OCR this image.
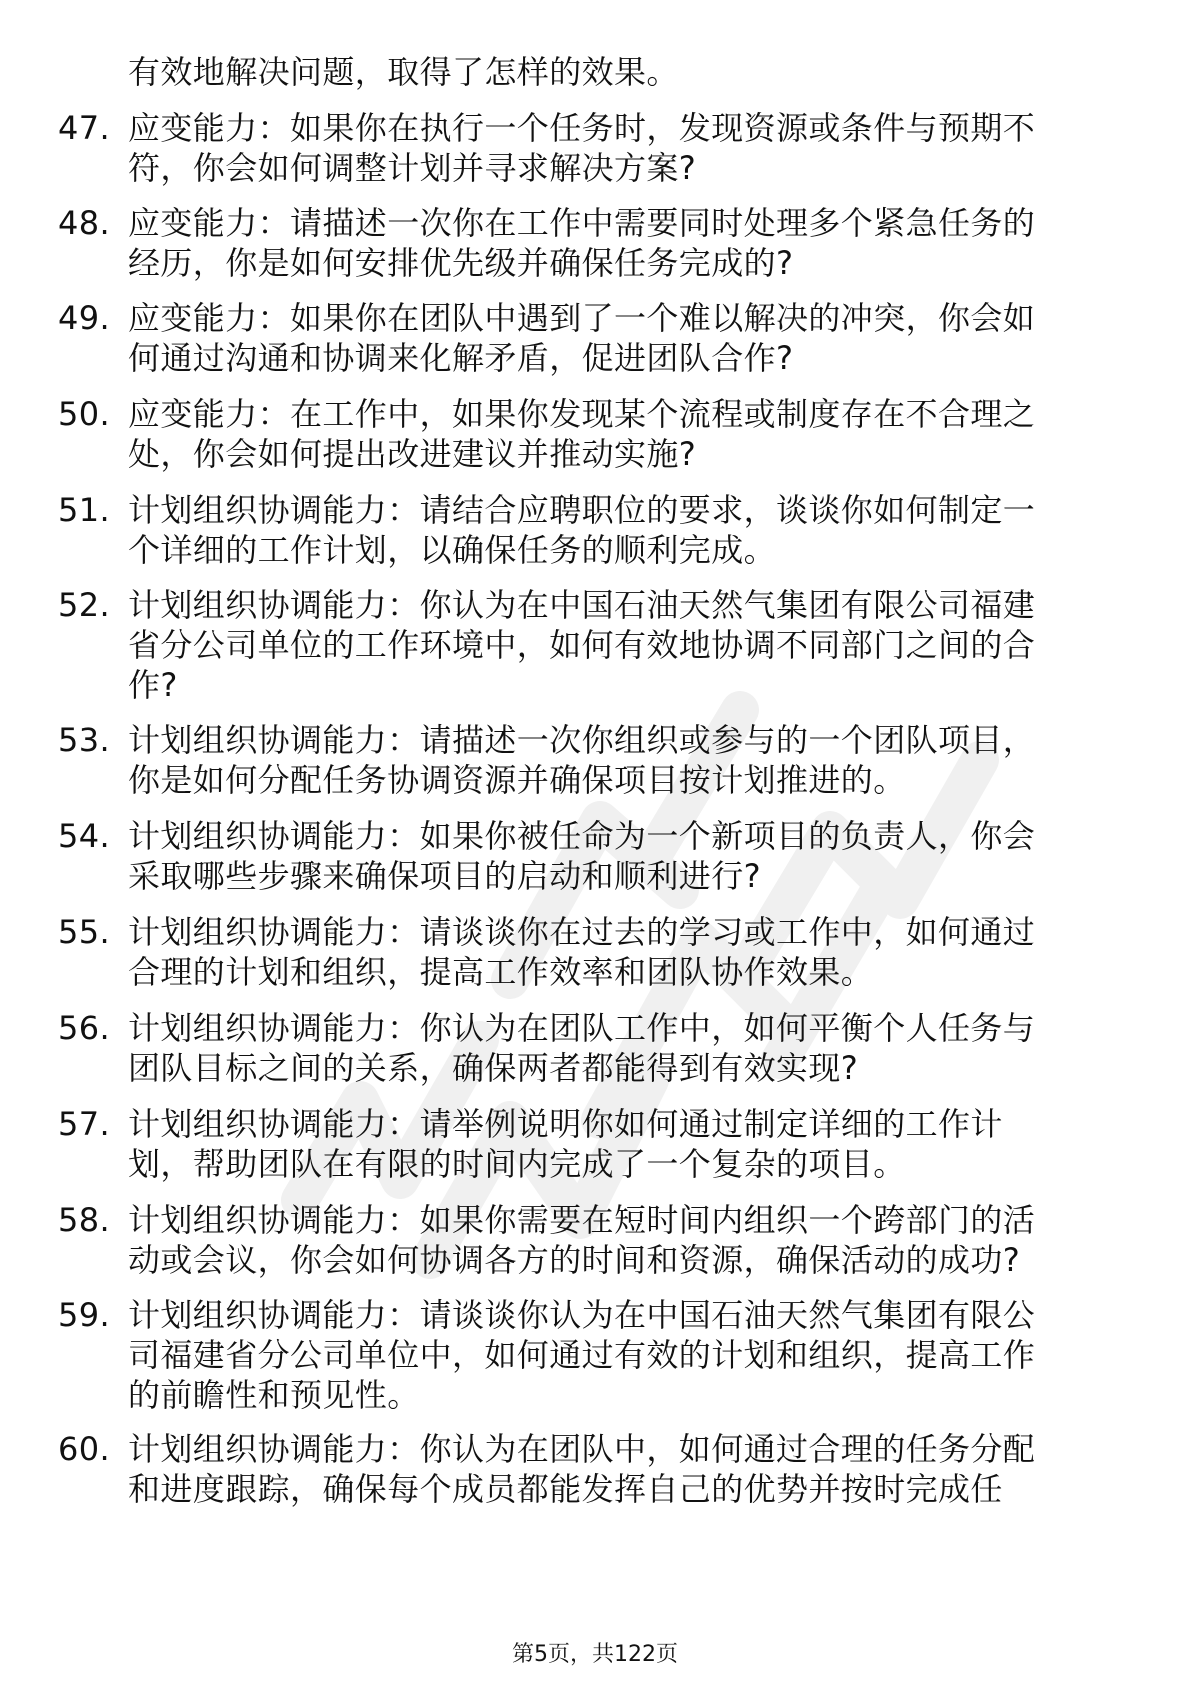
有效地解决问题，取得了怎样的效果。
47. 应变能力：如果你在执行一个任务时，发现资源或条件与预期不
符，你会如何调整计划并寻求解决方案?
48. 应变能力：请描述一次你在工作中需要同时处理多个紧急任务的
经历，你是如何安排优先级并确保任务完成的?
49. 应变能力：如果你在团队中遇到了一个难以解决的冲突，你会如
何通过沟通和协调来化解矛盾，促进团队合作?
50. 应变能力：在工作中，如果你发现某个流程或制度存在不合理之
处，你会如何提出改进建议并推动实施?
51. 计划组织协调能力：请结合应聘职位的要求，谈谈你如何制定一
个详细的工作计划，以确保任务的顺利完成。
52. 计划组织协调能力：你认为在中国石油天然气集团有限公司福建
省分公司单位的工作环境中，如何有效地协调不同部门之间的合
作?
53. 计划组织协调能力：请描述一次你组织或参与的一个团队项目，
你是如何分配任务协调资源并确保项目按计划推进的。
54. 计划组织协调能力：如果你被任命为一个新项目的负责人，你会
采取哪些步骤来确保项目的启动和顺利进行?
55. 计划组织协调能力：请谈谈你在过去的学习或工作中，如何通过
合理的计划和组织，提高工作效率和团队协作效果。
56. 计划组织协调能力：你认为在团队工作中，如何平衡个人任务与
团队目标之间的关系，确保两者都能得到有效实现?
57. 计划组织协调能力：请举例说明你如何通过制定详细的工作计
划，帮助团队在有限的时间内完成了一个复杂的项目。
58. 计划组织协调能力：如果你需要在短时间内组织一个跨部门的活
动或会议，你会如何协调各方的时间和资源，确保活动的成功?
59. 计划组织协调能力：请谈谈你认为在中国石油天然气集团有限公
司福建省分公司单位中，如何通过有效的计划和组织，提高工作
的前瞻性和预见性。
60. 计划组织协调能力：你认为在团队中，如何通过合理的任务分配
和进度跟踪，确保每个成员都能发挥自己的优势并按时完成任
第5页，共122页
